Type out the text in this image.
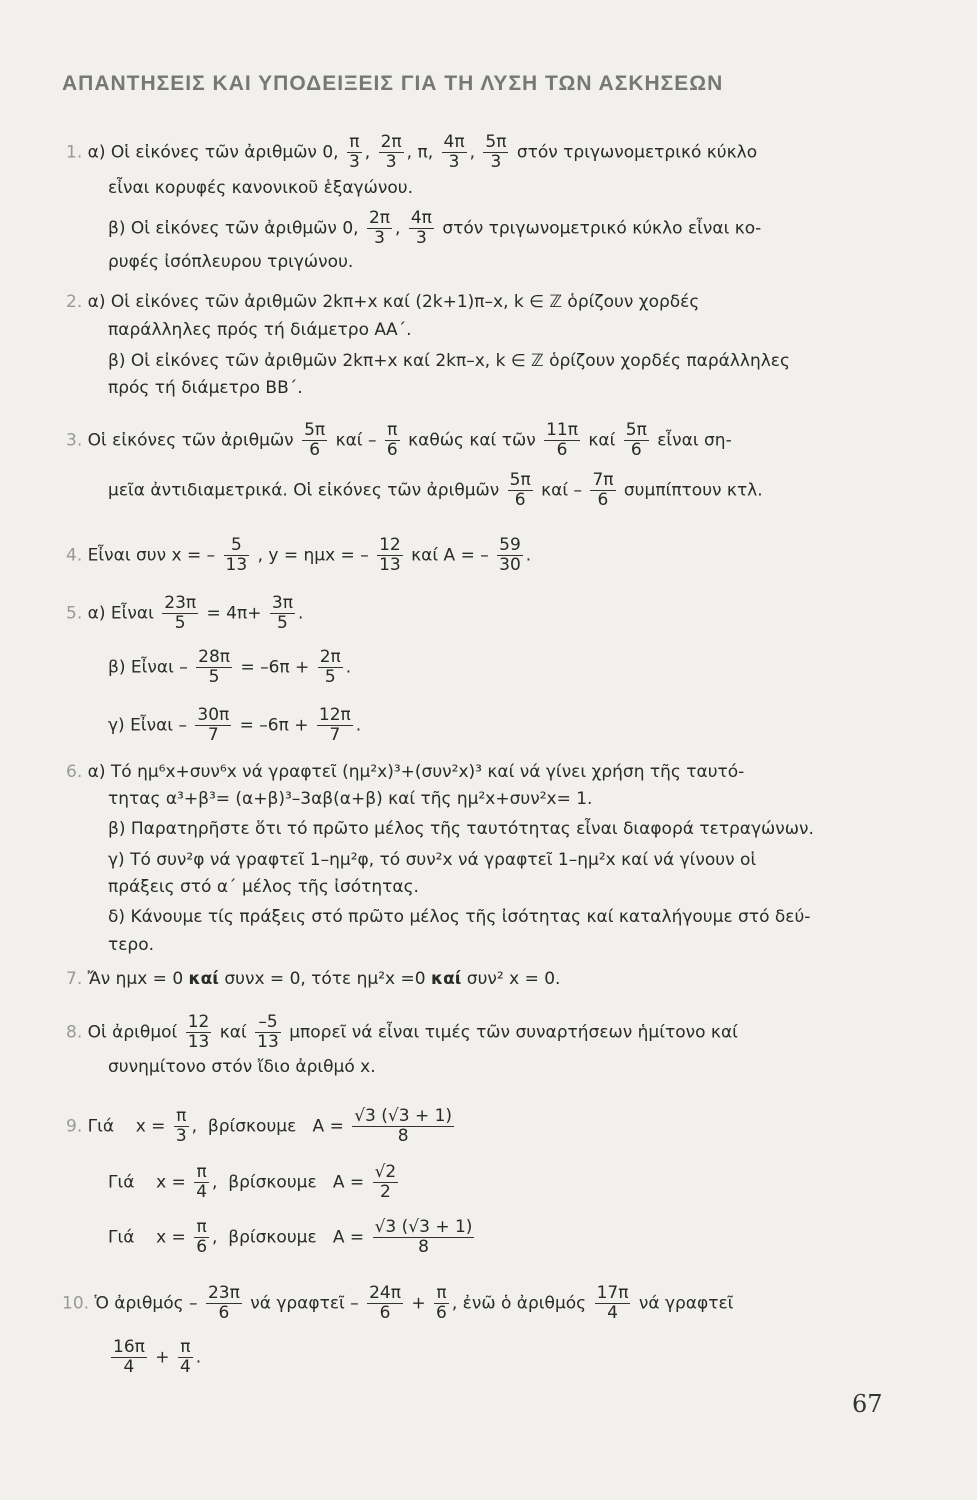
ΑΠΑΝΤΗΣΕΙΣ ΚΑΙ ΥΠΟΔΕΙΞΕΙΣ ΓΙΑ ΤΗ ΛΥΣΗ ΤΩΝ ΑΣΚΗΣΕΩΝ
1. α) Οἱ εἰκόνες τῶν ἀριθμῶν 0, $\frac{\pi}{3}$ , $\frac{2\pi}{3}$ , π, $\frac{4\pi}{3}$ , $\frac{5\pi}{3}$ στόν τριγωνομετρικό κύκλο
εἶναι κορυφές κανονικοῦ ἑξαγώνου.
β) Οἱ εἰκόνες τῶν ἀριθμῶν 0, $\frac{2\pi}{3}$ , $\frac{4\pi}{3}$ στόν τριγωνομετρικό κύκλο εἶναι κο-
ρυφές ἰσόπλευρου τριγώνου.
2. α) Οἱ εἰκόνες τῶν ἀριθμῶν 2kπ+x καί (2k+1)π–x, k ∈ ℤ ὁρίζουν χορδές
παράλληλες πρός τή διάμετρο ΑΑ΄.
β) Οἱ εἰκόνες τῶν ἀριθμῶν 2kπ+x καί 2kπ–x, k ∈ ℤ ὁρίζουν χορδές παράλληλες
πρός τή διάμετρο ΒΒ΄.
3. Οἱ εἰκόνες τῶν ἀριθμῶν $\frac{5\pi}{6}$ καί – $\frac{\pi}{6}$ καθώς καί τῶν $\frac{11\pi}{6}$ καί $\frac{5\pi}{6}$ εἶναι ση-
μεῖα ἀντιδιαμετρικά. Οἱ εἰκόνες τῶν ἀριθμῶν $\frac{5\pi}{6}$ καί – $\frac{7\pi}{6}$ συμπίπτουν κτλ.
4. Εἶναι συν x = – $\frac{5}{13}$ , y = ημx = – $\frac{12}{13}$ καί Α = – $\frac{59}{30}$ .
5. α) Εἶναι $\frac{23\pi}{5} = 4\pi+ \frac{3\pi}{5}$ .
β) Εἶναι – $\frac{28\pi}{5} = -6\pi + \frac{2\pi}{5}$ .
γ) Εἶναι – $\frac{30\pi}{7} = -6\pi + \frac{12\pi}{7}$ .
6. α) Τό ημ⁶x+συν⁶x νά γραφτεῖ (ημ²x)³+(συν²x)³ καί νά γίνει χρήση τῆς ταυτό-
τητας α³+β³= (α+β)³–3αβ(α+β) καί τῆς ημ²x+συν²x= 1.
β) Παρατηρῆστε ὅτι τό πρῶτο μέλος τῆς ταυτότητας εἶναι διαφορά τετραγώνων.
γ) Τό συν²φ νά γραφτεῖ 1–ημ²φ, τό συν²x νά γραφτεῖ 1–ημ²x καί νά γίνουν οἱ
πράξεις στό α΄ μέλος τῆς ἰσότητας.
δ) Κάνουμε τίς πράξεις στό πρῶτο μέλος τῆς ἰσότητας καί καταλήγουμε στό δεύ-
τερο.
7. Ἄν ημx = 0 καί συνx = 0, τότε ημ²x =0 καί συν² x = 0.
8. Οἱ ἀριθμοί $\frac{12}{13}$ καί $\frac{-5}{13}$ μπορεῖ νά εἶναι τιμές τῶν συναρτήσεων ἡμίτονο καί
συνημίτονο στόν ἴδιο ἀριθμό x.
9. Γιά $x = \frac{\pi}{3}$ ,  βρίσκουμε $A = \frac{√3 (√3 + 1)}{8}$
Γιά $x = \frac{\pi}{4}$ ,  βρίσκουμε $A = \frac{√2}{2}$
Γιά $x = \frac{\pi}{6}$ ,  βρίσκουμε $A = \frac{√3 (√3 + 1)}{8}$
10. Ὁ ἀριθμός – $\frac{23\pi}{6}$ νά γραφτεῖ – $\frac{24\pi}{6} + \frac{\pi}{6}$ , ἐνῶ ὁ ἀριθμός $\frac{17\pi}{4}$ νά γραφτεῖ
$\frac{16\pi}{4} + \frac{\pi}{4}$ .
67
